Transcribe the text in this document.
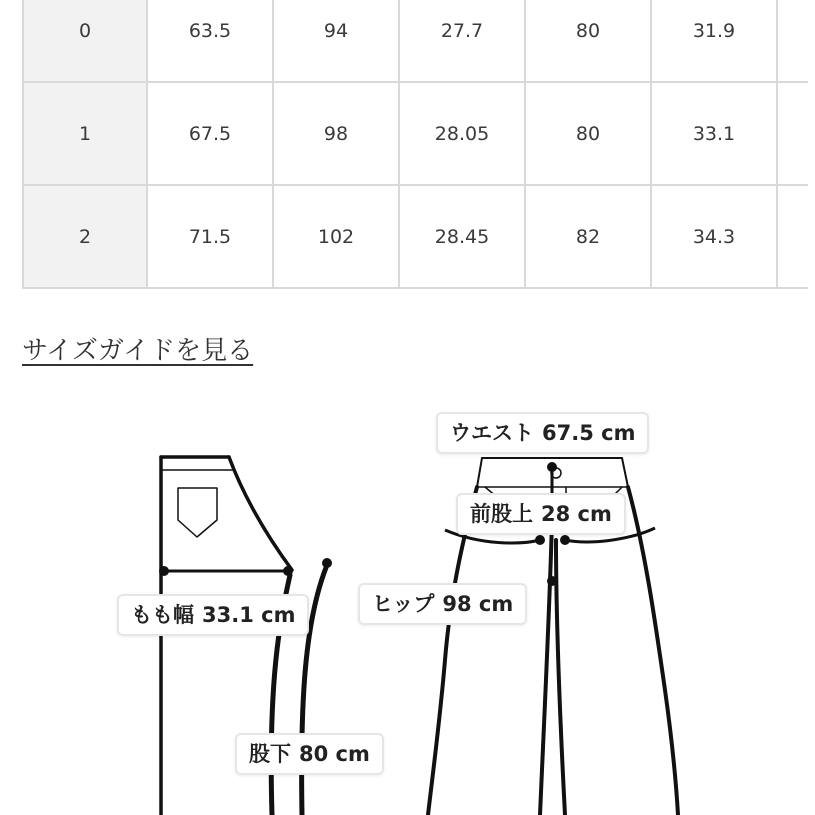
0	63.5	94	27.7	80	31.9	
1	67.5	98	28.05	80	33.1	
2	71.5	102	28.45	82	34.3	
サイズガイドを見る
ウエスト 67.5 cm
前股上 28 cm
ヒップ 98 cm
もも幅 33.1 cm
股下 80 cm
